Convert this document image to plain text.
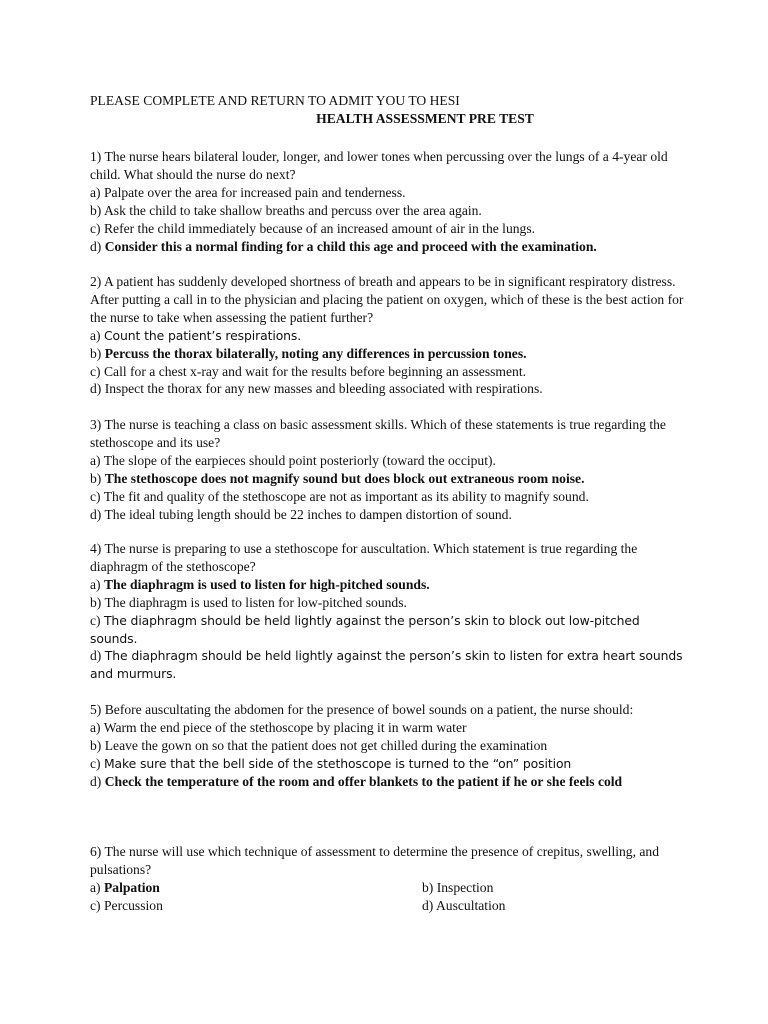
PLEASE COMPLETE AND RETURN TO ADMIT YOU TO HESI
HEALTH ASSESSMENT PRE TEST

1) The nurse hears bilateral louder, longer, and lower tones when percussing over the lungs of a 4-year old child. What should the nurse do next?

a) Palpate over the area for increased pain and tenderness.

b) Ask the child to take shallow breaths and percuss over the area again.

c) Refer the child immediately because of an increased amount of air in the lungs.

d) Consider this a normal finding for a child this age and proceed with the examination.

2) A patient has suddenly developed shortness of breath and appears to be in significant respiratory distress. After putting a call in to the physician and placing the patient on oxygen, which of these is the best action for the nurse to take when assessing the patient further?

a) Count the patient’s respirations.

b) Percuss the thorax bilaterally, noting any differences in percussion tones.

c) Call for a chest x-ray and wait for the results before beginning an assessment.

d) Inspect the thorax for any new masses and bleeding associated with respirations.

3) The nurse is teaching a class on basic assessment skills. Which of these statements is true regarding the stethoscope and its use?

a) The slope of the earpieces should point posteriorly (toward the occiput).

b) The stethoscope does not magnify sound but does block out extraneous room noise.

c) The fit and quality of the stethoscope are not as important as its ability to magnify sound.

d) The ideal tubing length should be 22 inches to dampen distortion of sound.

4) The nurse is preparing to use a stethoscope for auscultation. Which statement is true regarding the diaphragm of the stethoscope?

a) The diaphragm is used to listen for high-pitched sounds.

b) The diaphragm is used to listen for low-pitched sounds.

c) The diaphragm should be held lightly against the person’s skin to block out low-pitched sounds.

d) The diaphragm should be held lightly against the person’s skin to listen for extra heart sounds and murmurs.

5) Before auscultating the abdomen for the presence of bowel sounds on a patient, the nurse should:

a) Warm the end piece of the stethoscope by placing it in warm water

b) Leave the gown on so that the patient does not get chilled during the examination

c) Make sure that the bell side of the stethoscope is turned to the “on” position

d) Check the temperature of the room and offer blankets to the patient if he or she feels cold

6) The nurse will use which technique of assessment to determine the presence of crepitus, swelling, and pulsations?

a) Palpation	b) Inspection
c) Percussion	d) Auscultation
